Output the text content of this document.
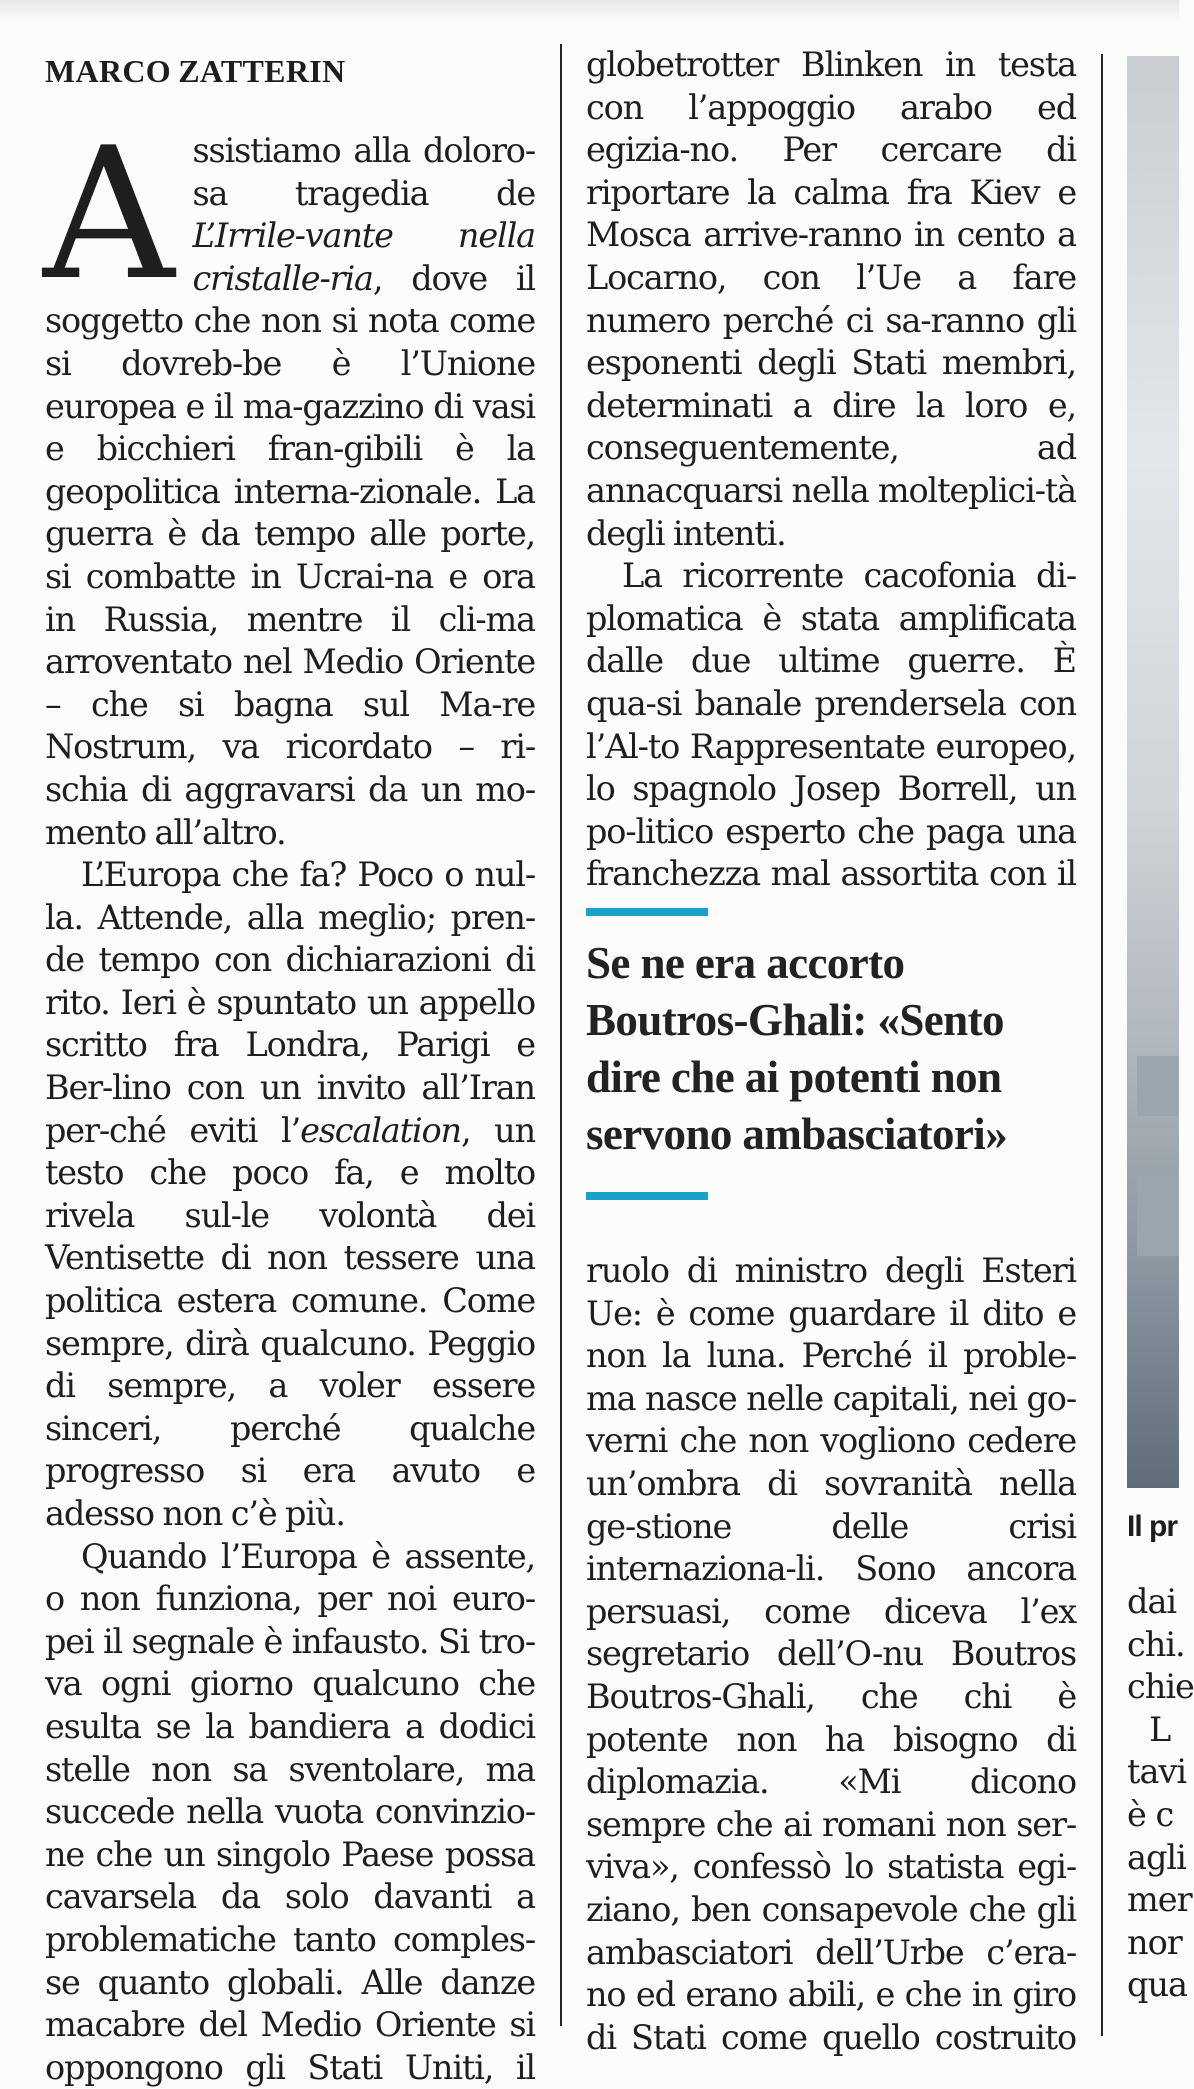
MARCO ZATTERIN

Assistiamo alla doloro-sa tragedia de L’Irrile-vante nella cristalle-ria, dove il soggetto che non si nota come si dovreb-be è l’Unione europea e il ma-gazzino di vasi e bicchieri fran-gibili è la geopolitica interna-zionale. La guerra è da tempo alle porte, si combatte in Ucrai-na e ora in Russia, mentre il cli-ma arroventato nel Medio Oriente – che si bagna sul Ma-re Nostrum, va ricordato – ri-schia di aggravarsi da un mo-mento all’altro.

L’Europa che fa? Poco o nul-la. Attende, alla meglio; pren-de tempo con dichiarazioni di rito. Ieri è spuntato un appello scritto fra Londra, Parigi e Ber-lino con un invito all’Iran per-ché eviti l’escalation, un testo che poco fa, e molto rivela sul-le volontà dei Ventisette di non tessere una politica estera comune. Come sempre, dirà qualcuno. Peggio di sempre, a voler essere sinceri, perché qualche progresso si era avuto e adesso non c’è più.

Quando l’Europa è assente, o non funziona, per noi euro-pei il segnale è infausto. Si tro-va ogni giorno qualcuno che esulta se la bandiera a dodici stelle non sa sventolare, ma succede nella vuota convinzio-ne che un singolo Paese possa cavarsela da solo davanti a problematiche tanto comples-se quanto globali. Alle danze macabre del Medio Oriente si oppongono gli Stati Uniti, il

globetrotter Blinken in testa con l’appoggio arabo ed egizia-no. Per cercare di riportare la calma fra Kiev e Mosca arrive-ranno in cento a Locarno, con l’Ue a fare numero perché ci sa-ranno gli esponenti degli Stati membri, determinati a dire la loro e, conseguentemente, ad annacquarsi nella molteplici-tà degli intenti.

La ricorrente cacofonia di-plomatica è stata amplificata dalle due ultime guerre. È qua-si banale prendersela con l’Al-to Rappresentate europeo, lo spagnolo Josep Borrell, un po-litico esperto che paga una franchezza mal assortita con il

Se ne era accorto
Boutros-Ghali: «Sento
dire che ai potenti non
servono ambasciatori»

ruolo di ministro degli Esteri Ue: è come guardare il dito e non la luna. Perché il proble-ma nasce nelle capitali, nei go-verni che non vogliono cedere un’ombra di sovranità nella ge-stione delle crisi internaziona-li. Sono ancora persuasi, come diceva l’ex segretario dell’O-nu Boutros Boutros-Ghali, che chi è potente non ha bisogno di diplomazia. «Mi dicono sempre che ai romani non ser-viva», confessò lo statista egi-ziano, ben consapevole che gli ambasciatori dell’Urbe c’era-no ed erano abili, e che in giro di Stati come quello costruito

Il pr
dai
chi.
chie
L
tavi
è c
agli
mer
nor
qua
